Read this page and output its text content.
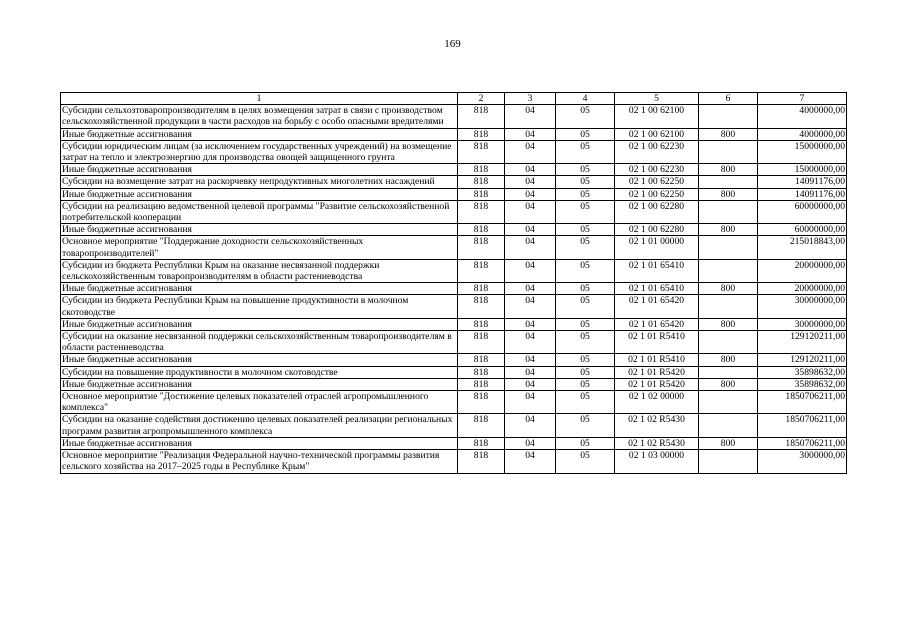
169
1	2	3	4	5	6	7
Субсидии сельхозтоварoпроизводителям в целях возмещения затрат в связи с производством сельскохозяйственной продукции в части расходов на борьбу с особо опасными вредителями	818	04	05	02 1 00 62100		4000000,00
Иные бюджетные ассигнования	818	04	05	02 1 00 62100	800	4000000,00
Субсидии юридическим лицам (за исключением государственных учреждений) на возмещение затрат на тепло и электроэнергию для производства овощей защищенного грунта	818	04	05	02 1 00 62230		15000000,00
Иные бюджетные ассигнования	818	04	05	02 1 00 62230	800	15000000,00
Субсидии на возмещение затрат на раскорчевку непродуктивных многолетних насаждений	818	04	05	02 1 00 62250		14091176,00
Иные бюджетные ассигнования	818	04	05	02 1 00 62250	800	14091176,00
Субсидии на реализацию ведомственной целевой программы "Развитие сельскохозяйственной потребительской кооперации	818	04	05	02 1 00 62280		60000000,00
Иные бюджетные ассигнования	818	04	05	02 1 00 62280	800	60000000,00
Основное мероприятие "Поддержание доходности сельскохозяйственных товаропроизводителей"	818	04	05	02 1 01 00000		215018843,00
Субсидии из бюджета Республики Крым на оказание несвязанной поддержки сельскохозяйственным товаропроизводителям в области растениеводства	818	04	05	02 1 01 65410		20000000,00
Иные бюджетные ассигнования	818	04	05	02 1 01 65410	800	20000000,00
Субсидии из бюджета Республики Крым на повышение продуктивности в молочном скотоводстве	818	04	05	02 1 01 65420		30000000,00
Иные бюджетные ассигнования	818	04	05	02 1 01 65420	800	30000000,00
Субсидии на оказание несвязанной поддержки сельскохозяйственным товаропроизводителям в области растениеводства	818	04	05	02 1 01 R5410		129120211,00
Иные бюджетные ассигнования	818	04	05	02 1 01 R5410	800	129120211,00
Субсидии на повышение продуктивности в молочном скотоводстве	818	04	05	02 1 01 R5420		35898632,00
Иные бюджетные ассигнования	818	04	05	02 1 01 R5420	800	35898632,00
Основное мероприятие "Достижение целевых показателей отраслей агропромышленного комплекса"	818	04	05	02 1 02 00000		1850706211,00
Субсидии на оказание содействия достижению целевых показателей реализации региональных программ развития агропромышленного комплекса	818	04	05	02 1 02 R5430		1850706211,00
Иные бюджетные ассигнования	818	04	05	02 1 02 R5430	800	1850706211,00
Основное мероприятие "Реализация Федеральной научно-технической программы развития сельского хозяйства на 2017–2025 годы в Республике Крым"	818	04	05	02 1 03 00000		3000000,00
